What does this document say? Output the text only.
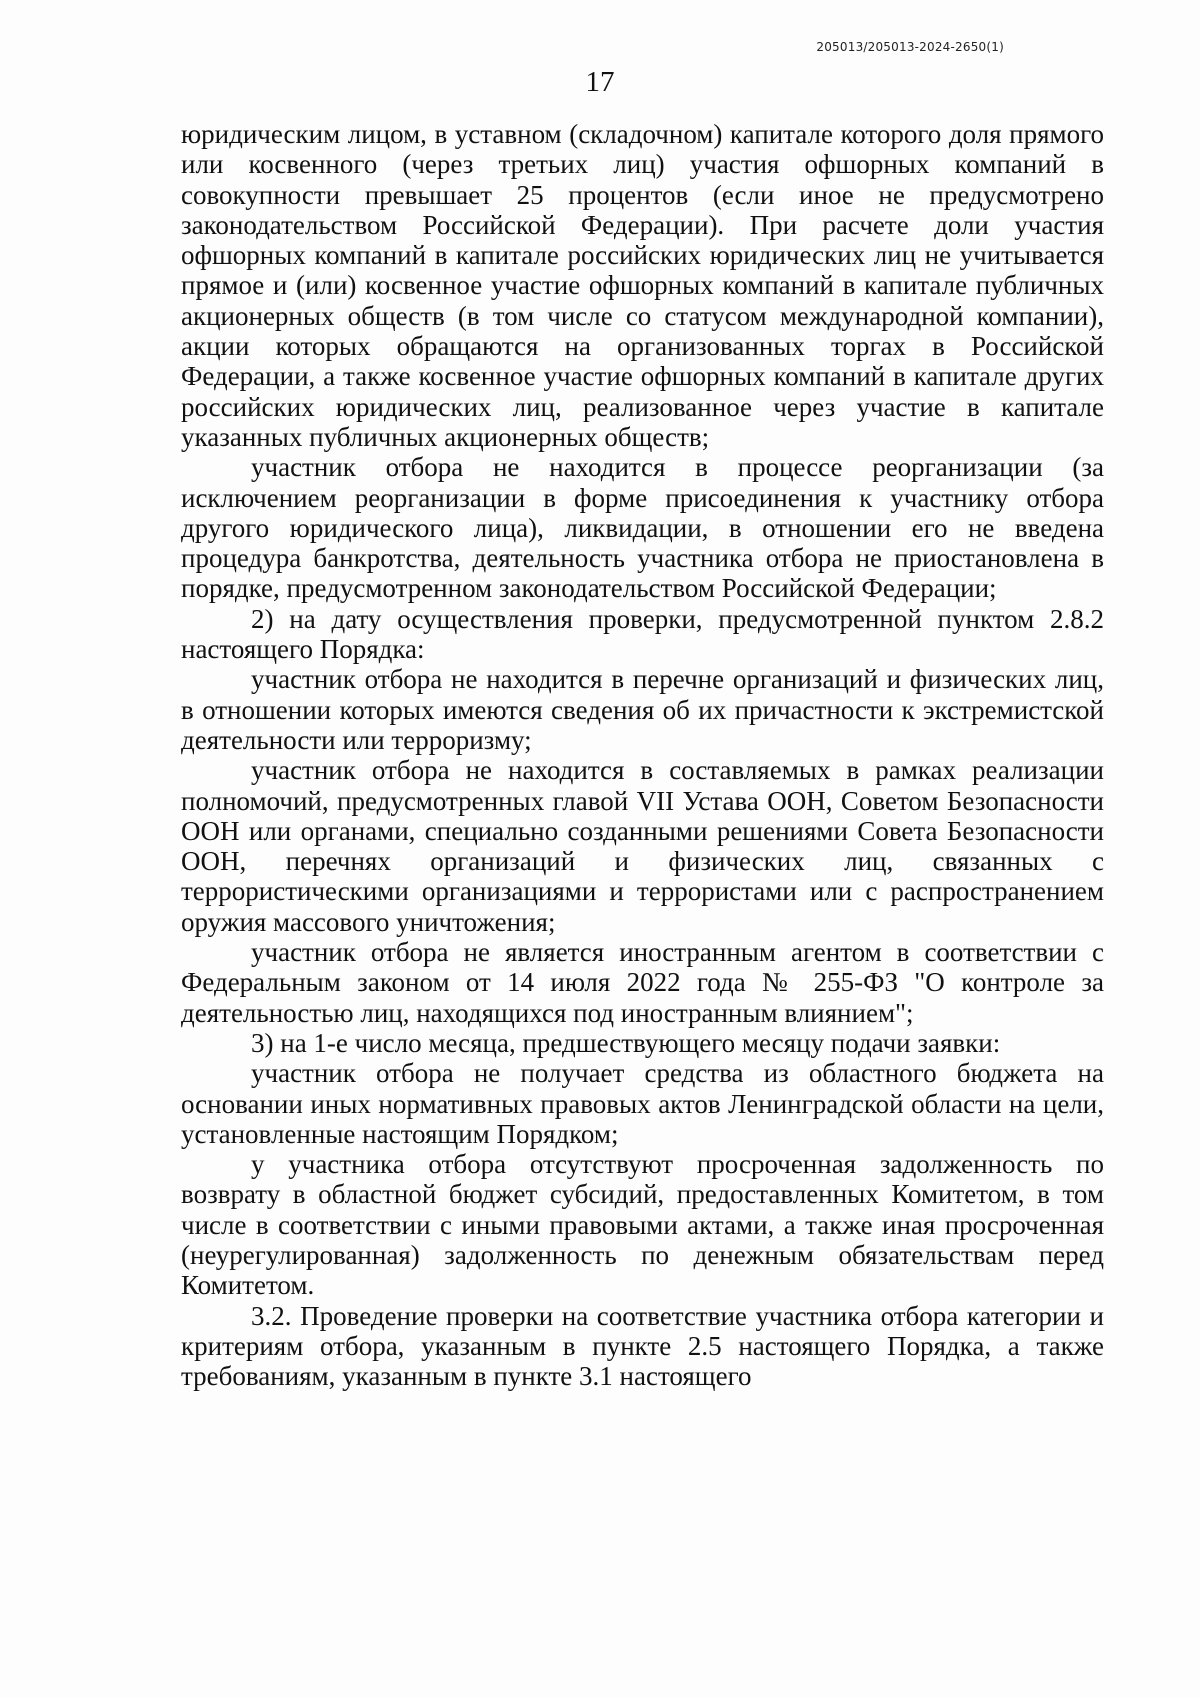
205013/205013-2024-2650(1)
17

юридическим лицом, в уставном (складочном) капитале которого доля прямого или косвенного (через третьих лиц) участия офшорных компаний в совокупности превышает 25 процентов (если иное не предусмотрено законодательством Российской Федерации). При расчете доли участия офшорных компаний в капитале российских юридических лиц не учитывается прямое и (или) косвенное участие офшорных компаний в капитале публичных акционерных обществ (в том числе со статусом международной компании), акции которых обращаются на организованных торгах в Российской Федерации, а также косвенное участие офшорных компаний в капитале других российских юридических лиц, реализованное через участие в капитале указанных публичных акционерных обществ;

участник отбора не находится в процессе реорганизации (за исключением реорганизации в форме присоединения к участнику отбора другого юридического лица), ликвидации, в отношении его не введена процедура банкротства, деятельность участника отбора не приостановлена в порядке, предусмотренном законодательством Российской Федерации;

2) на дату осуществления проверки, предусмотренной пунктом 2.8.2 настоящего Порядка:

участник отбора не находится в перечне организаций и физических лиц, в отношении которых имеются сведения об их причастности к экстремистской деятельности или терроризму;

участник отбора не находится в составляемых в рамках реализации полномочий, предусмотренных главой VII Устава ООН, Советом Безопасности ООН или органами, специально созданными решениями Совета Безопасности ООН, перечнях организаций и физических лиц, связанных с террористическими организациями и террористами или с распространением оружия массового уничтожения;

участник отбора не является иностранным агентом в соответствии с Федеральным законом от 14 июля 2022 года № 255-ФЗ "О контроле за деятельностью лиц, находящихся под иностранным влиянием";

3) на 1-е число месяца, предшествующего месяцу подачи заявки:

участник отбора не получает средства из областного бюджета на основании иных нормативных правовых актов Ленинградской области на цели, установленные настоящим Порядком;

у участника отбора отсутствуют просроченная задолженность по возврату в областной бюджет субсидий, предоставленных Комитетом, в том числе в соответствии с иными правовыми актами, а также иная просроченная (неурегулированная) задолженность по денежным обязательствам перед Комитетом.

3.2. Проведение проверки на соответствие участника отбора категории и критериям отбора, указанным в пункте 2.5 настоящего Порядка, а также требованиям, указанным в пункте 3.1 настоящего
